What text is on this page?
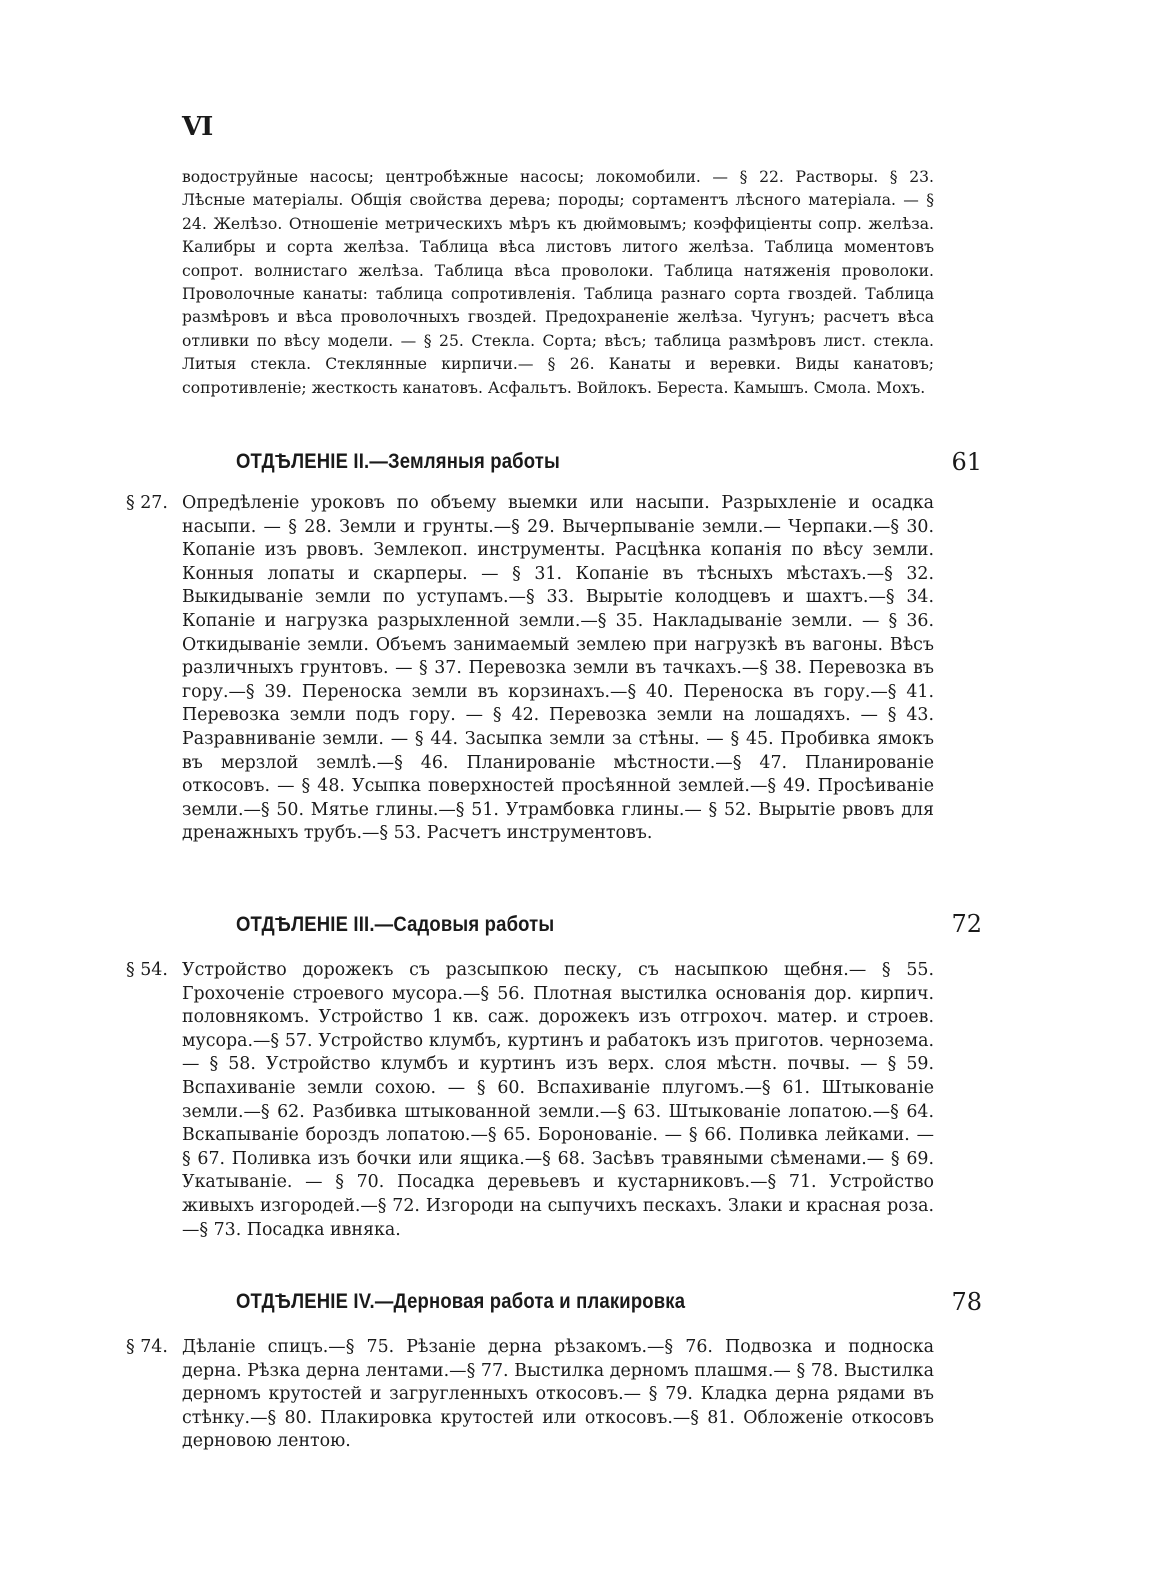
VI
водоструйные насосы; центробѣжные насосы; локомобили. — § 22. Растворы. § 23. Лѣсные матеріалы. Общія свойства дерева; породы; сортаментъ лѣсного матеріала. — § 24. Желѣзо. Отношеніе метрическихъ мѣръ къ дюймовымъ; коэффиціенты сопр. желѣза. Калибры и сорта желѣза. Таблица вѣса листовъ литого желѣза. Таблица моментовъ сопрот. волнистаго желѣза. Таблица вѣса проволоки. Таблица натяженія проволоки. Проволочные канаты: таблица сопротивленія. Таблица разнаго сорта гвоздей. Таблица размѣровъ и вѣса проволочныхъ гвоздей. Предохраненіе желѣза. Чугунъ; расчетъ вѣса отливки по вѣсу модели. — § 25. Стекла. Сорта; вѣсъ; таблица размѣровъ лист. стекла. Литыя стекла. Стеклянные кирпичи.— § 26. Канаты и веревки. Виды канатовъ; сопротивленіе; жесткость канатовъ. Асфальтъ. Войлокъ. Береста. Камышъ. Смола. Мохъ.
ОТДѢЛЕНІЕ II.—Земляныя работы	61
§ 27. Опредѣленіе уроковъ по объему выемки или насыпи. Разрыхленіе и осадка насыпи. — § 28. Земли и грунты.—§ 29. Вычерпываніе земли.— Черпаки.—§ 30. Копаніе изъ рвовъ. Землекоп. инструменты. Расцѣнка копанія по вѣсу земли. Конныя лопаты и скарперы. — § 31. Копаніе въ тѣсныхъ мѣстахъ.—§ 32. Выкидываніе земли по уступамъ.—§ 33. Вырытіе колодцевъ и шахтъ.—§ 34. Копаніе и нагрузка разрыхленной земли.—§ 35. Накладываніе земли. — § 36. Откидываніе земли. Объемъ занимаемый землею при нагрузкѣ въ вагоны. Вѣсъ различныхъ грунтовъ. — § 37. Перевозка земли въ тачкахъ.—§ 38. Перевозка въ гору.—§ 39. Переноска земли въ корзинахъ.—§ 40. Переноска въ гору.—§ 41. Перевозка земли подъ гору. — § 42. Перевозка земли на лошадяхъ. — § 43. Разравниваніе земли. — § 44. Засыпка земли за стѣны. — § 45. Пробивка ямокъ въ мерзлой землѣ.—§ 46. Планированіе мѣстности.—§ 47. Планированіе откосовъ. — § 48. Усыпка поверхностей просѣянной землей.—§ 49. Просѣиваніе земли.—§ 50. Мятье глины.—§ 51. Утрамбовка глины.— § 52. Вырытіе рвовъ для дренажныхъ трубъ.—§ 53. Расчетъ инструментовъ.
ОТДѢЛЕНІЕ III.—Садовыя работы	72
§ 54. Устройство дорожекъ съ разсыпкою песку, съ насыпкою щебня.— § 55. Грохоченіе строевого мусора.—§ 56. Плотная выстилка основанія дор. кирпич. половнякомъ. Устройство 1 кв. саж. дорожекъ изъ отгрохоч. матер. и строев. мусора.—§ 57. Устройство клумбъ, куртинъ и рабатокъ изъ приготов. чернозема. — § 58. Устройство клумбъ и куртинъ изъ верх. слоя мѣстн. почвы. — § 59. Вспахиваніе земли сохою. — § 60. Вспахиваніе плугомъ.—§ 61. Штыкованіе земли.—§ 62. Разбивка штыкованной земли.—§ 63. Штыкованіе лопатою.—§ 64. Вскапываніе бороздъ лопатою.—§ 65. Боронованіе. — § 66. Поливка лейками. — § 67. Поливка изъ бочки или ящика.—§ 68. Засѣвъ травяными сѣменами.— § 69. Укатываніе. — § 70. Посадка деревьевъ и кустарниковъ.—§ 71. Устройство живыхъ изгородей.—§ 72. Изгороди на сыпучихъ пескахъ. Злаки и красная роза.—§ 73. Посадка ивняка.
ОТДѢЛЕНІЕ IV.—Дерновая работа и плакировка	78
§ 74. Дѣланіе спицъ.—§ 75. Рѣзаніе дерна рѣзакомъ.—§ 76. Подвозка и подноска дерна. Рѣзка дерна лентами.—§ 77. Выстилка дерномъ плашмя.— § 78. Выстилка дерномъ крутостей и загругленныхъ откосовъ.— § 79. Кладка дерна рядами въ стѣнку.—§ 80. Плакировка крутостей или откосовъ.—§ 81. Обложеніе откосовъ дерновою лентою.
